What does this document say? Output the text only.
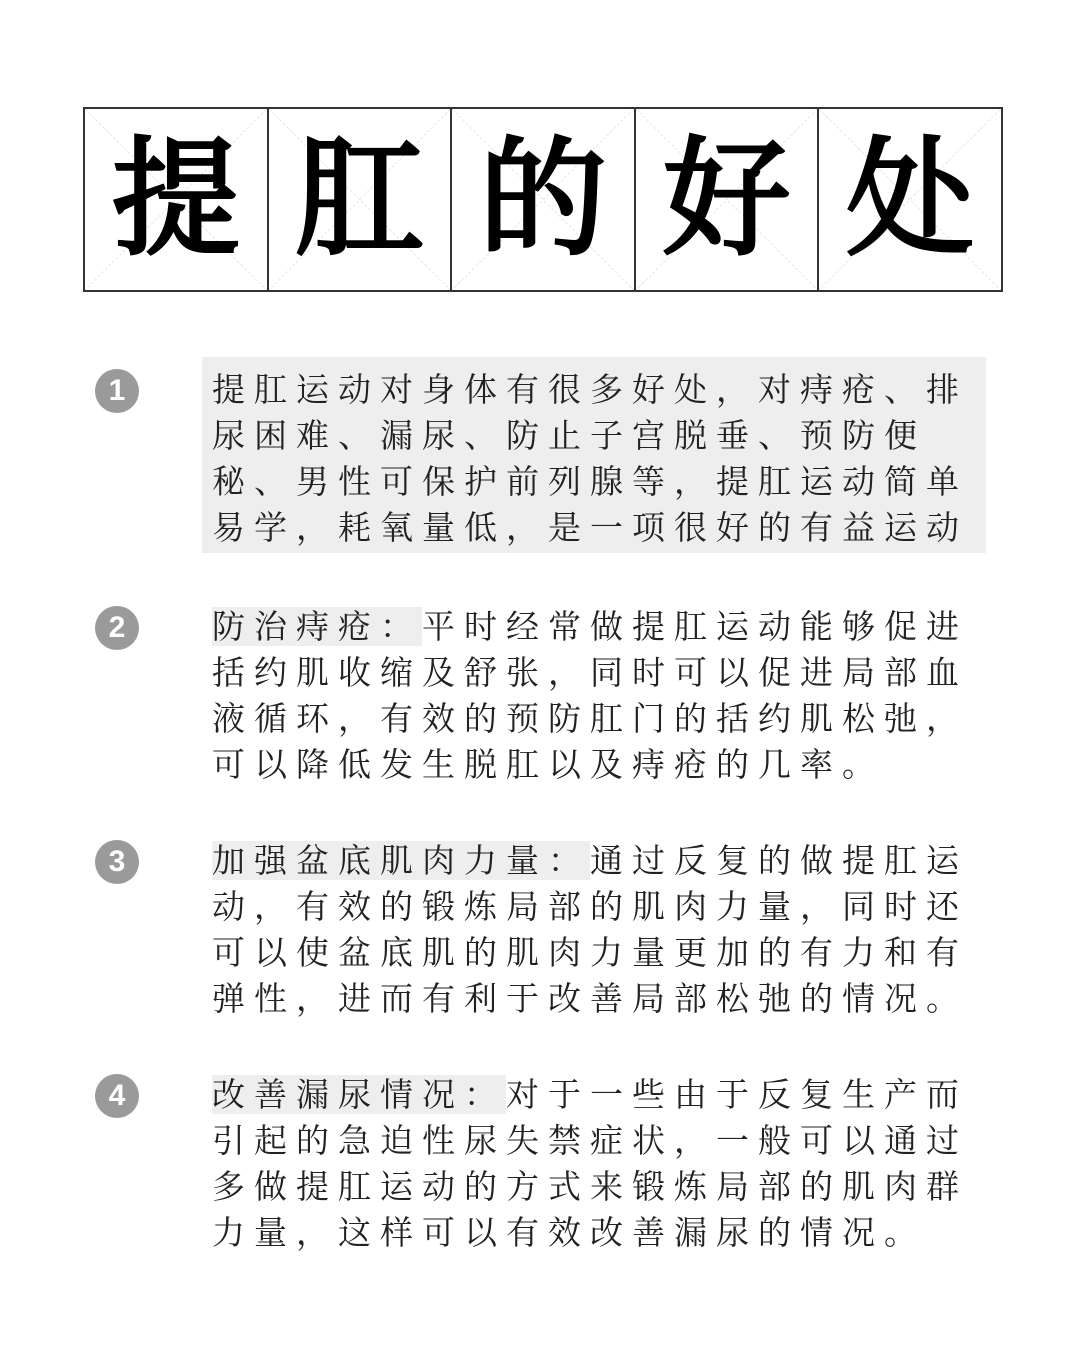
提 肛 的 好 处
1	提肛运动对身体有很多好处，对痔疮、排尿困难、漏尿、防止子宫脱垂、预防便秘、男性可保护前列腺等，提肛运动简单易学，耗氧量低，是一项很好的有益运动

2	防治痔疮：平时经常做提肛运动能够促进括约肌收缩及舒张，同时可以促进局部血液循环，有效的预防肛门的括约肌松弛，可以降低发生脱肛以及痔疮的几率。

3	加强盆底肌肉力量：通过反复的做提肛运动，有效的锻炼局部的肌肉力量，同时还可以使盆底肌的肌肉力量更加的有力和有弹性，进而有利于改善局部松弛的情况。

4	改善漏尿情况：对于一些由于反复生产而引起的急迫性尿失禁症状，一般可以通过多做提肛运动的方式来锻炼局部的肌肉群力量，这样可以有效改善漏尿的情况。
